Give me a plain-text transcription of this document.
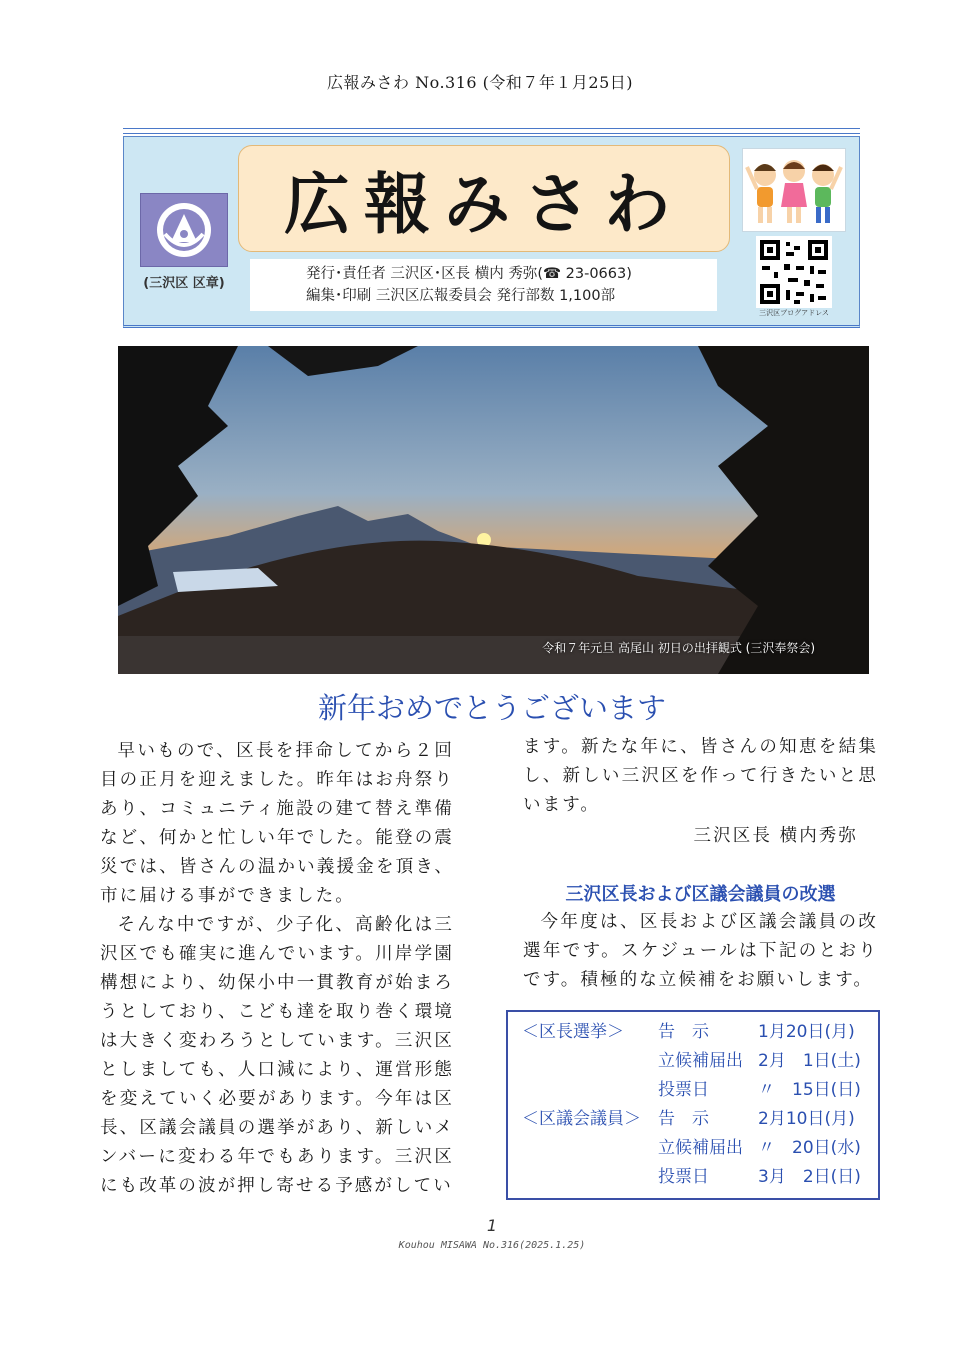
広報みさわ No.316 (令和７年１月25日)
(三沢区 区章)
広報みさわ
発行･責任者 三沢区･区長 横内 秀弥(☎ 23-0663)
編集･印刷 三沢区広報委員会 発行部数 1,100部
三沢区ブログアドレス
令和７年元旦 高尾山 初日の出拝観式 (三沢奉祭会)
新年おめでとうございます

早いもので、区長を拝命してから２回目の正月を迎えました。昨年はお舟祭りあり、コミュニティ施設の建て替え準備など、何かと忙しい年でした。能登の震災では、皆さんの温かい義援金を頂き、市に届ける事ができました。

そんな中ですが、少子化、高齢化は三沢区でも確実に進んでいます。川岸学園構想により、幼保小中一貫教育が始まろうとしており、こども達を取り巻く環境は大きく変わろうとしています。三沢区としましても、人口減により、運営形態を変えていく必要があります。今年は区長、区議会議員の選挙があり、新しいメンバーに変わる年でもあります。三沢区にも改革の波が押し寄せる予感がしてい

ます。新たな年に、皆さんの知恵を結集し、新しい三沢区を作って行きたいと思います。

三沢区長 横内秀弥
三沢区長および区議会議員の改選

今年度は、区長および区議会議員の改選年です。スケジュールは下記のとおりです。積極的な立候補をお願いします。

＜区長選挙＞ 告　示	1月20日(月)
立候補届出 2月　1日(土)
投票日	〃　15日(日)
＜区議会議員＞ 告　示	2月10日(月)
立候補届出 〃　20日(水)
投票日	3月　2日(日)
1
Kouhou MISAWA No.316(2025.1.25)
